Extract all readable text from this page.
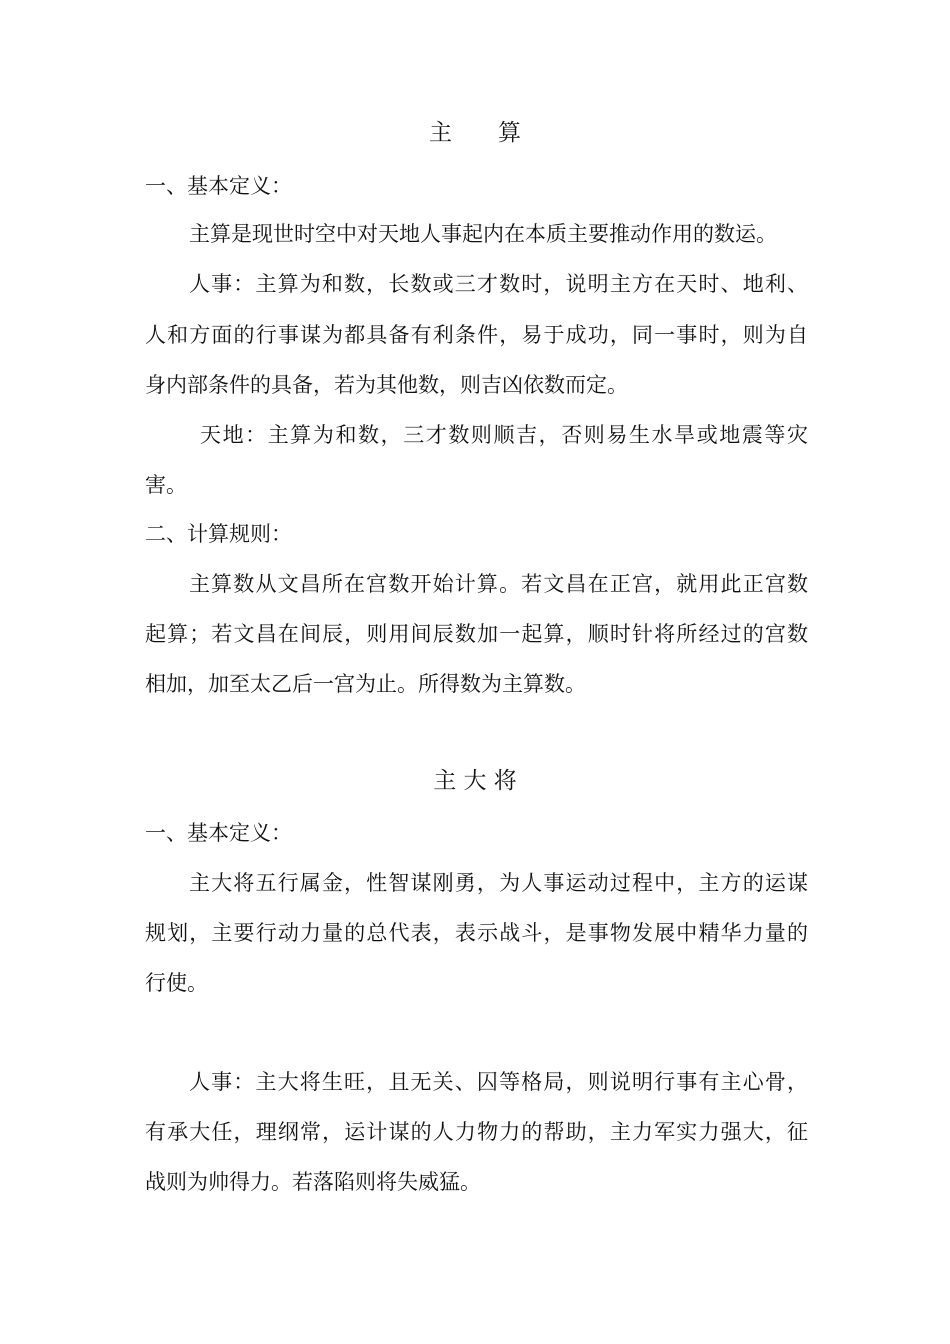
主　　算
一、基本定义：
主算是现世时空中对天地人事起内在本质主要推动作用的数运。
人事：主算为和数，长数或三才数时，说明主方在天时、地利、
人和方面的行事谋为都具备有利条件，易于成功，同一事时，则为自
身内部条件的具备，若为其他数，则吉凶依数而定。
天地：主算为和数，三才数则顺吉，否则易生水旱或地震等灾
害。
二、计算规则：
主算数从文昌所在宫数开始计算。若文昌在正宫，就用此正宫数
起算；若文昌在间辰，则用间辰数加一起算，顺时针将所经过的宫数
相加，加至太乙后一宫为止。所得数为主算数。
主 大 将
一、基本定义：
主大将五行属金，性智谋刚勇，为人事运动过程中，主方的运谋
规划，主要行动力量的总代表，表示战斗，是事物发展中精华力量的
行使。
人事：主大将生旺，且无关、囚等格局，则说明行事有主心骨，
有承大任，理纲常，运计谋的人力物力的帮助，主力军实力强大，征
战则为帅得力。若落陷则将失威猛。
